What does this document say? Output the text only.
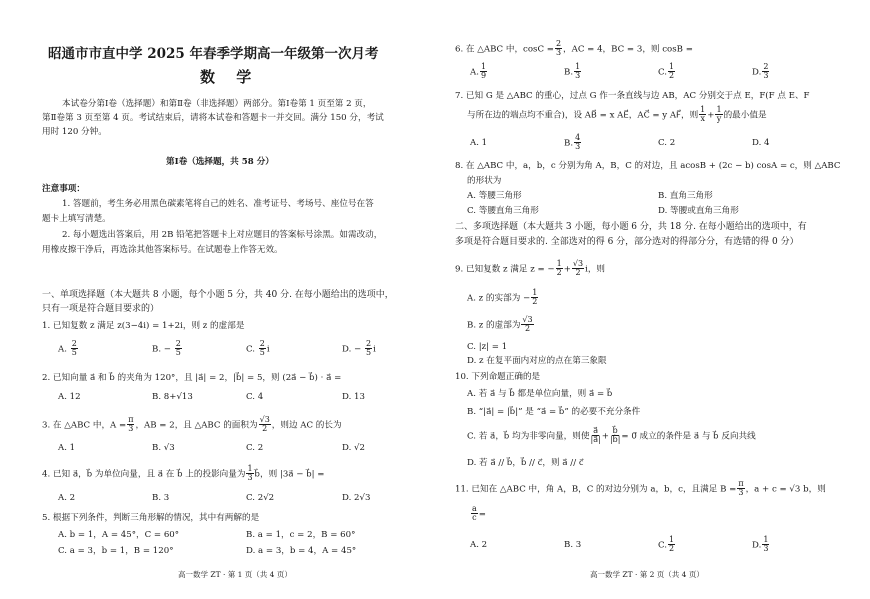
昭通市市直中学 2025 年春季学期高一年级第一次月考
数 学
本试卷分第Ⅰ卷（选择题）和第Ⅱ卷（非选择题）两部分。第Ⅰ卷第 1 页至第 2 页，
第Ⅱ卷第 3 页至第 4 页。考试结束后，请将本试卷和答题卡一并交回。满分 150 分，考试
用时 120 分钟。
第Ⅰ卷（选择题，共 58 分）
注意事项：
1. 答题前，考生务必用黑色碳素笔将自己的姓名、准考证号、考场号、座位号在答
题卡上填写清楚。
2. 每小题选出答案后，用 2B 铅笔把答题卡上对应题目的答案标号涂黑。如需改动，
用橡皮擦干净后，再选涂其他答案标号。在试题卷上作答无效。
一、单项选择题（本大题共 8 小题，每个小题 5 分，共 40 分. 在每小题给出的选项中，
只有一项是符合题目要求的）
1. 已知复数 z 满足 z(3−4i) = 1+2i，则 z 的虚部是
A. $\frac{2}{5}$	B. − $\frac{2}{5}$	C. $\frac{2}{5}$ i	D. − $\frac{2}{5}$ i
2. 已知向量 a⃗ 和 b⃗ 的夹角为 120°，且 |a⃗| = 2，|b⃗| = 5，则 (2a⃗ − b⃗) · a⃗ =
A. 12	B. 8+√13	C. 4	D. 13
3. 在 △ABC 中，$A = \frac{\pi}{3}$ ，AB = 2，且 △ABC 的面积为 $\frac{√3}{2}$ ，则边 AC 的长为
A. 1	B. √3	C. 2	D. √2
4. 已知 a⃗，b⃗ 为单位向量，且 a⃗ 在 b⃗ 上的投影向量为 $\frac{1}{3}$ b⃗，则 |3a⃗ − b⃗| =
A. 2	B. 3	C. 2√2	D. 2√3
5. 根据下列条件，判断三角形解的情况，其中有两解的是
A. b = 1，A = 45°，C = 60°	B. a = 1，c = 2，B = 60°
C. a = 3，b = 1，B = 120°	D. a = 3，b = 4，A = 45°
高一数学 ZT · 第 1 页（共 4 页）
6. 在 △ABC 中，$\cos C = \frac{2}{3}$ ，AC = 4，BC = 3，则 cosB =
A. $\frac{1}{9}$	B. $\frac{1}{3}$	C. $\frac{1}{2}$	D. $\frac{2}{3}$
7. 已知 G 是 △ABC 的重心，过点 G 作一条直线与边 AB，AC 分别交于点 E，F(F 点 E、F
与所在边的端点均不重合)，设 AB⃗ = x AE⃗，AC⃗ = y AF⃗，则 $\frac{1}{x} + \frac{1}{y}$ 的最小值是
A. 1	B. $\frac{4}{3}$	C. 2	D. 4
8. 在 △ABC 中，a，b，c 分别为角 A，B，C 的对边，且 acosB + (2c − b) cosA = c，则 △ABC
的形状为
A. 等腰三角形	B. 直角三角形
C. 等腰直角三角形	D. 等腰或直角三角形
二、多项选择题（本大题共 3 小题，每小题 6 分，共 18 分. 在每小题给出的选项中，有
多项是符合题目要求的. 全部选对的得 6 分，部分选对的得部分分，有选错的得 0 分）
9. 已知复数 z 满足 z = − $\frac{1}{2} + \frac{√3}{2}$ i，则
A. z 的实部为 − $\frac{1}{2}$
B. z 的虚部为 $\frac{√3}{2}$
C. |z| = 1
D. z 在复平面内对应的点在第三象限
10. 下列命题正确的是
A. 若 a⃗ 与 b⃗ 都是单位向量，则 a⃗ = b⃗
B. “|a⃗| = |b⃗|” 是 “a⃗ = b⃗” 的必要不充分条件
C. 若 a⃗，b⃗ 均为非零向量，则使 $\frac{a⃗}{|a⃗|} + \frac{b⃗}{|b⃗|}$ = 0⃗ 成立的条件是 a⃗ 与 b⃗ 反向共线
D. 若 a⃗ // b⃗，b⃗ // c⃗，则 a⃗ // c⃗
11. 已知在 △ABC 中，角 A，B，C 的对边分别为 a，b，c，且满足 $B = \frac{\pi}{3}$ ，a + c = √3 b，则
$\frac{a}{c}$ =
A. 2	B. 3	C. $\frac{1}{2}$	D. $\frac{1}{3}$
高一数学 ZT · 第 2 页（共 4 页）
